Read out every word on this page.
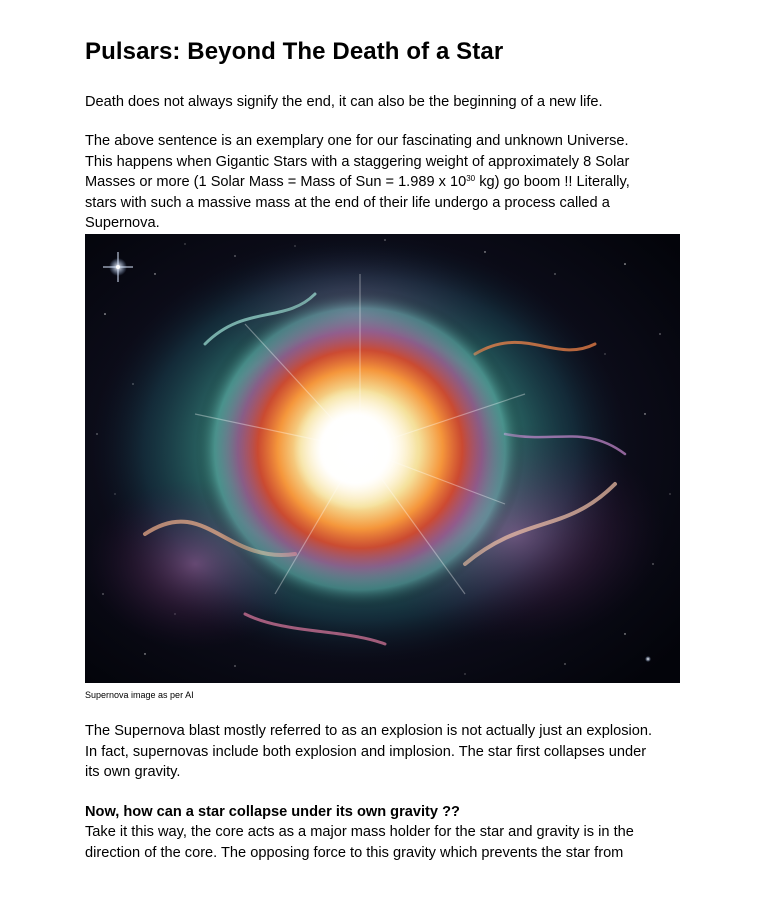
Pulsars: Beyond The Death of a Star

Death does not always signify the end, it can also be the beginning of a new life.

The above sentence is an exemplary one for our fascinating and unknown Universe.
This happens when Gigantic Stars with a staggering weight of approximately 8 Solar
Masses or more (1 Solar Mass = Mass of Sun = 1.989 x $10^{30}$ kg) go boom !! Literally,
stars with such a massive mass at the end of their life undergo a process called a
Supernova.

Supernova image as per AI

The Supernova blast mostly referred to as an explosion is not actually just an explosion.
In fact, supernovas include both explosion and implosion. The star first collapses under
its own gravity.

Now, how can a star collapse under its own gravity ??

Take it this way, the core acts as a major mass holder for the star and gravity is in the
direction of the core. The opposing force to this gravity which prevents the star from
